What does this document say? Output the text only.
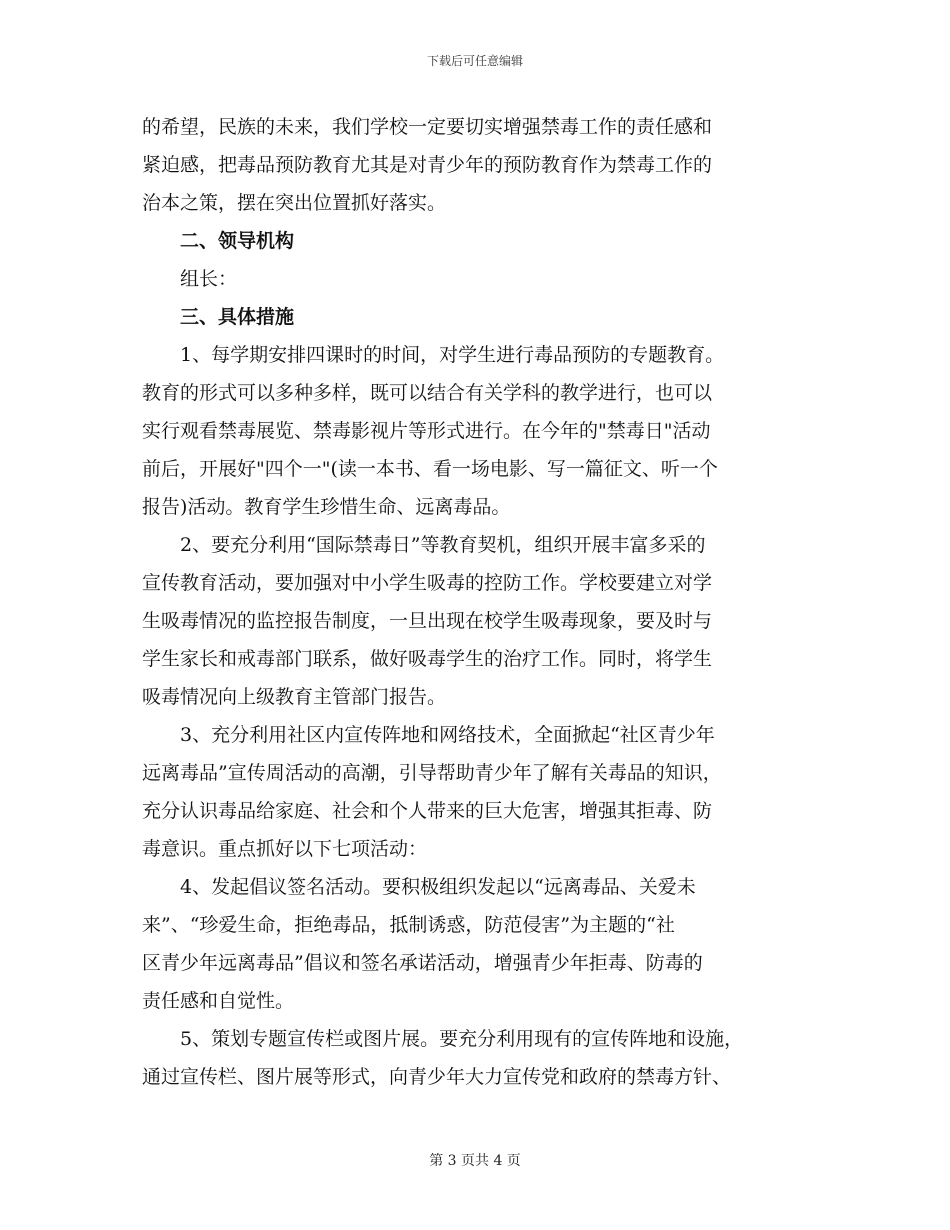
下载后可任意编辑
的希望，民族的未来，我们学校一定要切实增强禁毒工作的责任感和
紧迫感，把毒品预防教育尤其是对青少年的预防教育作为禁毒工作的
治本之策，摆在突出位置抓好落实。
二、领导机构
组长：
三、具体措施
1、每学期安排四课时的时间，对学生进行毒品预防的专题教育。
教育的形式可以多种多样，既可以结合有关学科的教学进行，也可以
实行观看禁毒展览、禁毒影视片等形式进行。在今年的"禁毒日"活动
前后，开展好"四个一"(读一本书、看一场电影、写一篇征文、听一个
报告)活动。教育学生珍惜生命、远离毒品。
2、要充分利用“国际禁毒日”等教育契机，组织开展丰富多采的
宣传教育活动，要加强对中小学生吸毒的控防工作。学校要建立对学
生吸毒情况的监控报告制度，一旦出现在校学生吸毒现象，要及时与
学生家长和戒毒部门联系，做好吸毒学生的治疗工作。同时，将学生
吸毒情况向上级教育主管部门报告。
3、充分利用社区内宣传阵地和网络技术，全面掀起“社区青少年
远离毒品”宣传周活动的高潮，引导帮助青少年了解有关毒品的知识，
充分认识毒品给家庭、社会和个人带来的巨大危害，增强其拒毒、防
毒意识。重点抓好以下七项活动：
4、发起倡议签名活动。要积极组织发起以“远离毒品、关爱未
来”、“珍爱生命，拒绝毒品，抵制诱惑，防范侵害”为主题的“社
区青少年远离毒品”倡议和签名承诺活动，增强青少年拒毒、防毒的
责任感和自觉性。
5、策划专题宣传栏或图片展。要充分利用现有的宣传阵地和设施，
通过宣传栏、图片展等形式，向青少年大力宣传党和政府的禁毒方针、
第 3 页共 4 页
